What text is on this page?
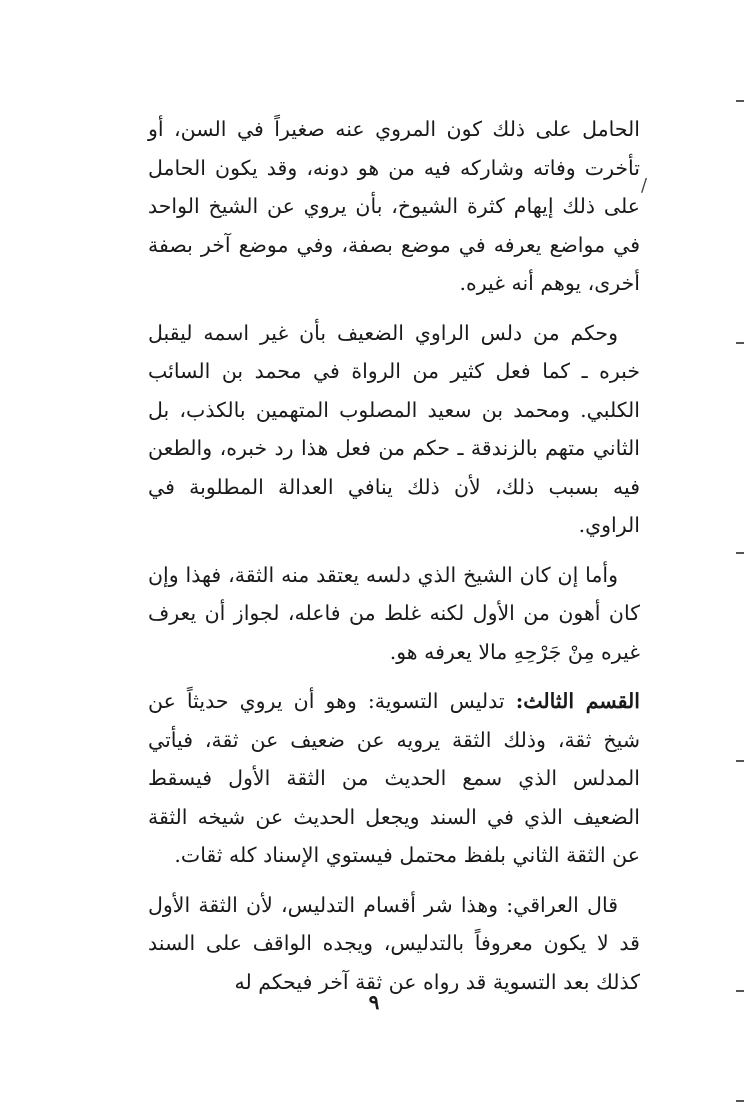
الحامل على ذلك كون المروي عنه صغيراً في السن، أو تأخرت وفاته وشاركه فيه من هو دونه، وقد يكون الحامل على ذلك إيهام كثرة الشيوخ، بأن يروي عن الشيخ الواحد في مواضع يعرفه في موضع بصفة، وفي موضع آخر بصفة أخرى، يوهم أنه غيره.

وحكم من دلس الراوي الضعيف بأن غير اسمه ليقبل خبره ـ كما فعل كثير من الرواة في محمد بن السائب الكلبي. ومحمد بن سعيد المصلوب المتهمين بالكذب، بل الثاني متهم بالزندقة ـ حكم من فعل هذا رد خبره، والطعن فيه بسبب ذلك، لأن ذلك ينافي العدالة المطلوبة في الراوي.

وأما إن كان الشيخ الذي دلسه يعتقد منه الثقة، فهذا وإن كان أهون من الأول لكنه غلط من فاعله، لجواز أن يعرف غيره مِنْ جَرْحِهِ مالا يعرفه هو.

القسم الثالث: تدليس التسوية: وهو أن يروي حديثاً عن شيخ ثقة، وذلك الثقة يرويه عن ضعيف عن ثقة، فيأتي المدلس الذي سمع الحديث من الثقة الأول فيسقط الضعيف الذي في السند ويجعل الحديث عن شيخه الثقة عن الثقة الثاني بلفظ محتمل فيستوي الإسناد كله ثقات.

قال العراقي: وهذا شر أقسام التدليس، لأن الثقة الأول قد لا يكون معروفاً بالتدليس، ويجده الواقف على السند كذلك بعد التسوية قد رواه عن ثقة آخر فيحكم له

٩
/
